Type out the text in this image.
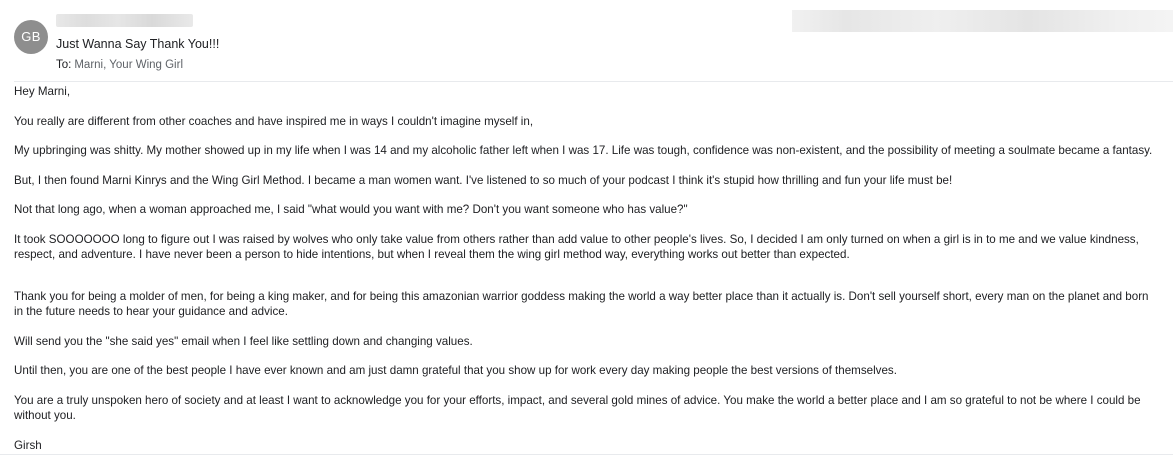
GB	Just Wanna Say Thank You!!!
To: Marni, Your Wing Girl

Hey Marni,

You really are different from other coaches and have inspired me in ways I couldn't imagine myself in,

My upbringing was shitty. My mother showed up in my life when I was 14 and my alcoholic father left when I was 17. Life was tough, confidence was non-existent, and the possibility of meeting a soulmate became a fantasy.

But, I then found Marni Kinrys and the Wing Girl Method. I became a man women want. I've listened to so much of your podcast I think it's stupid how thrilling and fun your life must be!

Not that long ago, when a woman approached me, I said "what would you want with me? Don't you want someone who has value?"

It took SOOOOOOO long to figure out I was raised by wolves who only take value from others rather than add value to other people's lives. So, I decided I am only turned on when a girl is in to me and we value kindness, respect, and adventure. I have never been a person to hide intentions, but when I reveal them the wing girl method way, everything works out better than expected.

Thank you for being a molder of men, for being a king maker, and for being this amazonian warrior goddess making the world a way better place than it actually is. Don't sell yourself short, every man on the planet and born in the future needs to hear your guidance and advice.

Will send you the "she said yes" email when I feel like settling down and changing values.

Until then, you are one of the best people I have ever known and am just damn grateful that you show up for work every day making people the best versions of themselves.

You are a truly unspoken hero of society and at least I want to acknowledge you for your efforts, impact, and several gold mines of advice. You make the world a better place and I am so grateful to not be where I could be without you.

Girsh
